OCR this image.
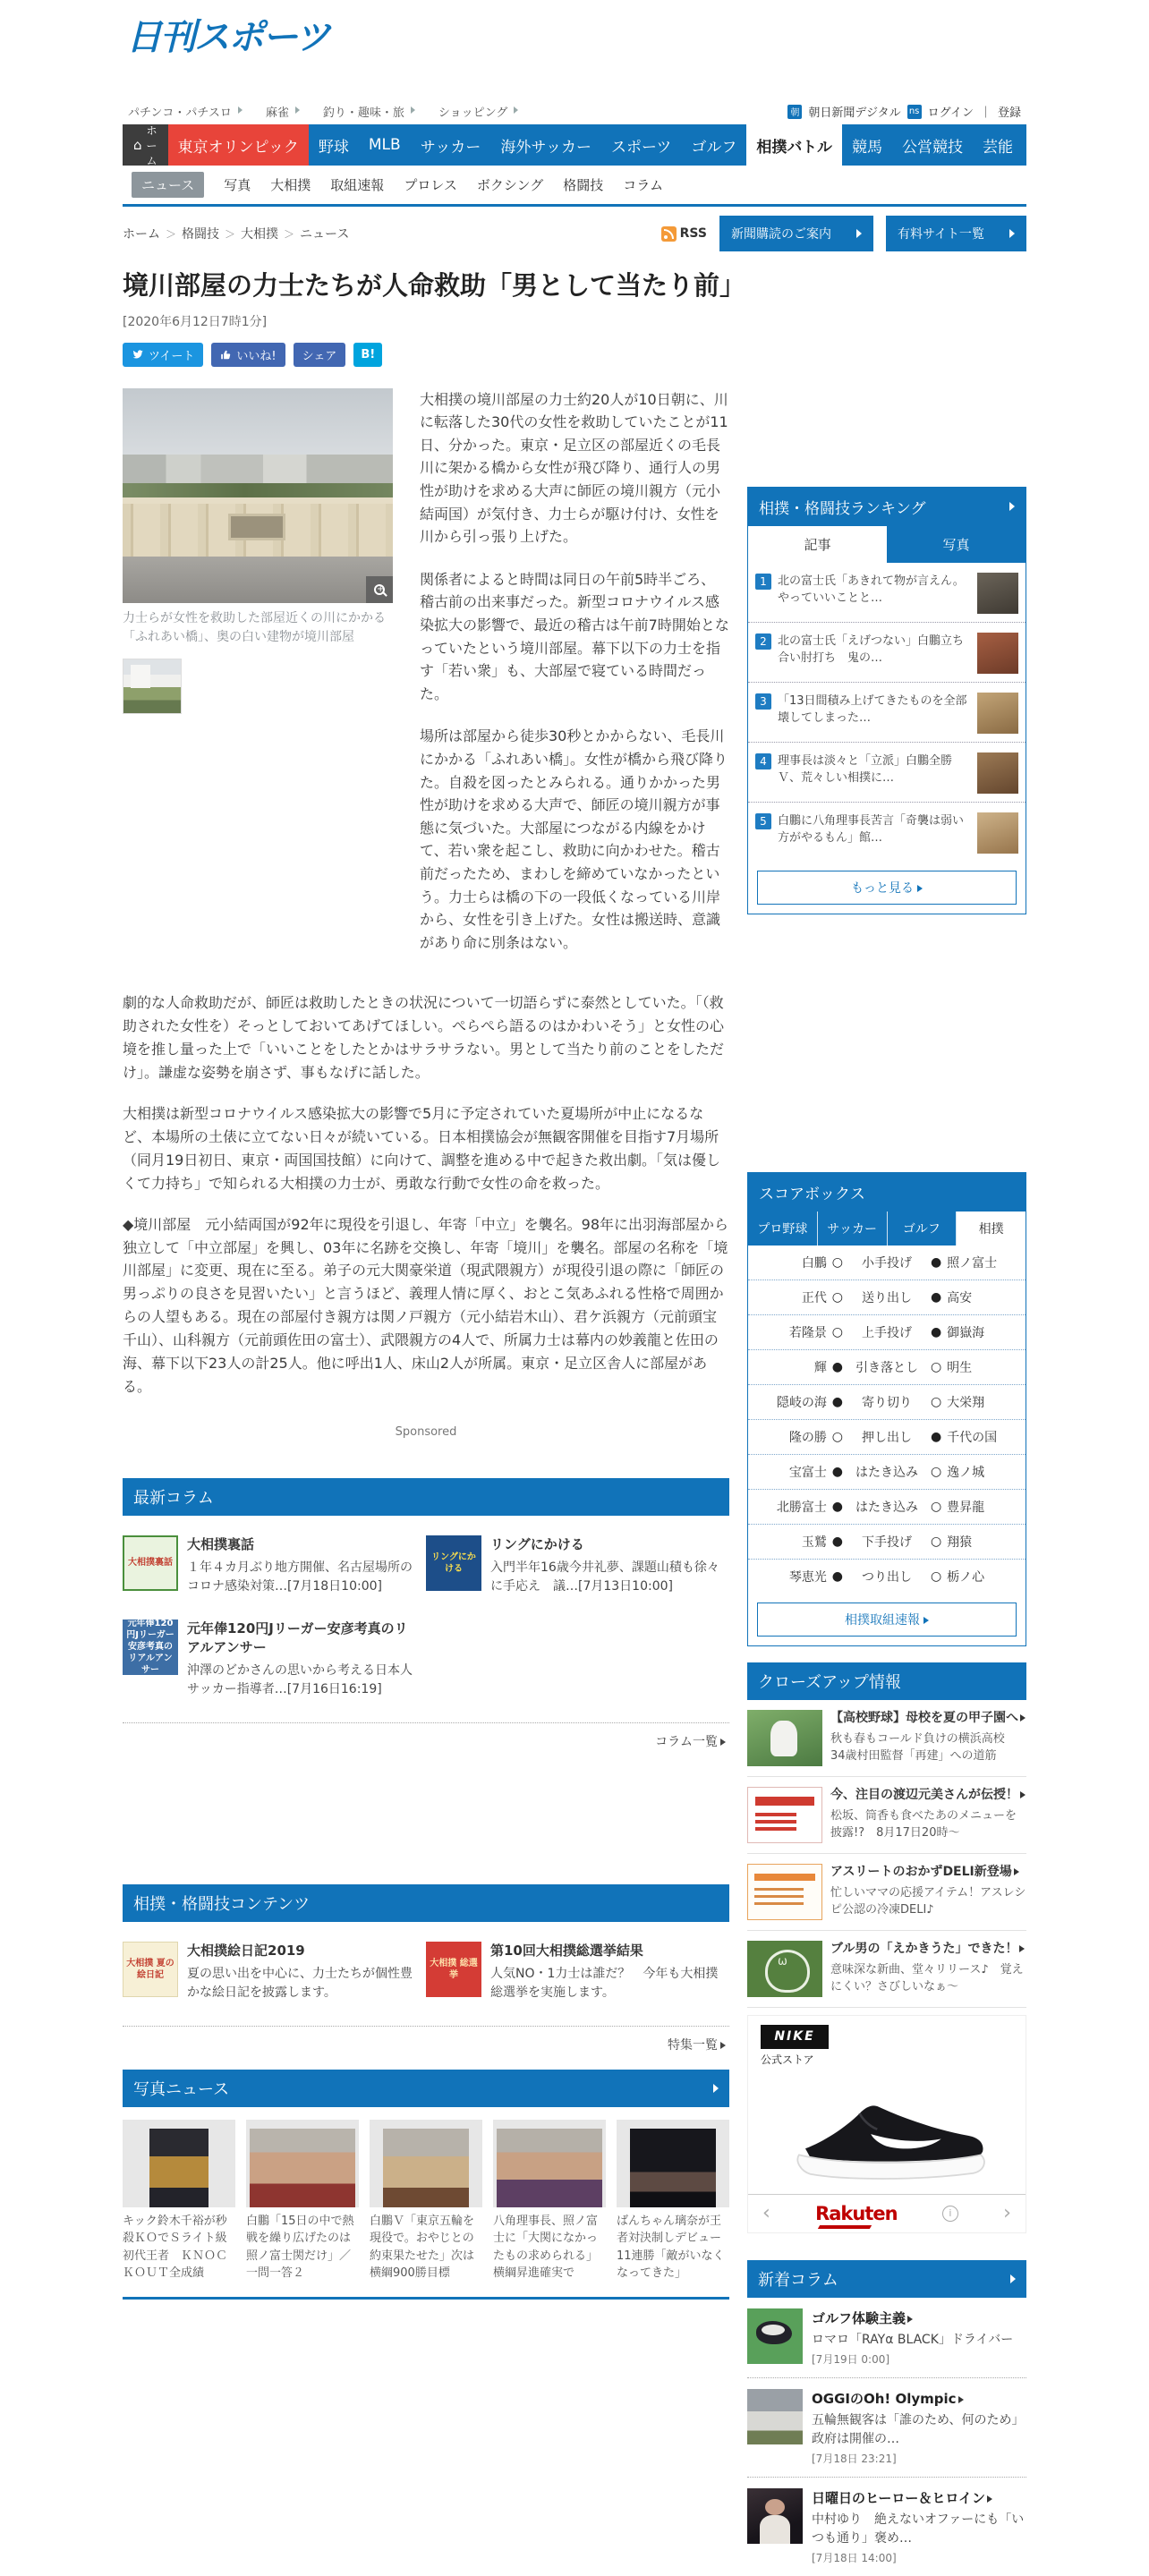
日刊スポーツ
パチンコ・パチスロ	麻雀	釣り・趣味・旅	ショッピング	朝 朝日新聞デジタル ns ログイン ｜ 登録
⌂
ホーム
東京オリンピック	野球	MLB	サッカー	海外サッカー	スポーツ	ゴルフ	相撲バトル	競馬	公営競技	芸能	社会
ニュース	写真 大相撲 取組速報 プロレス ボクシング 格闘技 コラム
ホーム ＞ 格闘技 ＞ 大相撲 ＞ ニュース	RSS 新聞購読のご案内	有料サイト一覧
境川部屋の力士たちが人命救助「男として当たり前」
[2020年6月12日7時1分]
ツイート	いいね! シェア B!
+
力士らが女性を救助した部屋近くの川にかかる「ふれあい橋」、奥の白い建物が境川部屋

大相撲の境川部屋の力士約20人が10日朝に、川に転落した30代の女性を救助していたことが11日、分かった。東京・足立区の部屋近くの毛長川に架かる橋から女性が飛び降り、通行人の男性が助けを求める大声に師匠の境川親方（元小結両国）が気付き、力士らが駆け付け、女性を川から引っ張り上げた。

関係者によると時間は同日の午前5時半ごろ、稽古前の出来事だった。新型コロナウイルス感染拡大の影響で、最近の稽古は午前7時開始となっていたという境川部屋。幕下以下の力士を指す「若い衆」も、大部屋で寝ている時間だった。

場所は部屋から徒歩30秒とかからない、毛長川にかかる「ふれあい橋」。女性が橋から飛び降りた。自殺を図ったとみられる。通りかかった男性が助けを求める大声で、師匠の境川親方が事態に気づいた。大部屋につながる内線をかけて、若い衆を起こし、救助に向かわせた。稽古前だったため、まわしを締めていなかったという。力士らは橋の下の一段低くなっている川岸から、女性を引き上げた。女性は搬送時、意識があり命に別条はない。

劇的な人命救助だが、師匠は救助したときの状況について一切語らずに泰然としていた。「（救助された女性を）そっとしておいてあげてほしい。ぺらぺら語るのはかわいそう」と女性の心境を推し量った上で「いいことをしたとかはサラサラない。男として当たり前のことをしただけ」。謙虚な姿勢を崩さず、事もなげに話した。

大相撲は新型コロナウイルス感染拡大の影響で5月に予定されていた夏場所が中止になるなど、本場所の土俵に立てない日々が続いている。日本相撲協会が無観客開催を目指す7月場所（同月19日初日、東京・両国国技館）に向けて、調整を進める中で起きた救出劇。「気は優しくて力持ち」で知られる大相撲の力士が、勇敢な行動で女性の命を救った。

◆境川部屋　元小結両国が92年に現役を引退し、年寄「中立」を襲名。98年に出羽海部屋から独立して「中立部屋」を興し、03年に名跡を交換し、年寄「境川」を襲名。部屋の名称を「境川部屋」に変更、現在に至る。弟子の元大関豪栄道（現武隈親方）が現役引退の際に「師匠の男っぷりの良さを見習いたい」と言うほど、義理人情に厚く、おとこ気あふれる性格で周囲からの人望もある。現在の部屋付き親方は関ノ戸親方（元小結岩木山）、君ケ浜親方（元前頭宝千山）、山科親方（元前頭佐田の富士）、武隈親方の4人で、所属力士は幕内の妙義龍と佐田の海、幕下以下23人の計25人。他に呼出1人、床山2人が所属。東京・足立区舎人に部屋がある。

Sponsored
最新コラム
大相撲裏話
大相撲裏話
１年４カ月ぶり地方開催、名古屋場所のコロナ感染対策…[7月18日10:00]
リングにかける
リングにかける
入門半年16歳今井礼夢、課題山積も徐々に手応え　議…[7月13日10:00]
元年俸120円Jリーガー 安彦考真の リアルアンサー
元年俸120円Jリーガー安彦考真のリアルアンサー
沖澤のどかさんの思いから考える日本人サッカー指導者…[7月16日16:19]
コラム一覧
相撲・格闘技コンテンツ
大相撲 夏の絵日記
大相撲絵日記2019
夏の思い出を中心に、力士たちが個性豊かな絵日記を披露します。
大相撲 総選挙
第10回大相撲総選挙結果
人気NO・1力士は誰だ？　今年も大相撲総選挙を実施します。
特集一覧
写真ニュース
キック鈴木千裕が秒殺ＫＯでＳライト級初代王者　ＫＮＯＣＫＯＵＴ全成績
白鵬「15日の中で熱戦を繰り広げたのは照ノ富士関だけ」／一問一答２
白鵬Ｖ「東京五輪を現役で。おやじとの約束果たせた」次は横綱900勝目標
八角理事長、照ノ富士に「大関になかったもの求められる」横綱昇進確実で
ばんちゃん璃奈が王者対決制しデビュー11連勝「敵がいなくなってきた」
相撲・格闘技ランキング
記事	写真
1 北の富士氏「あきれて物が言えん。やっていいことと…
2 北の富士氏「えげつない」白鵬立ち合い肘打ち　鬼の…
3 「13日間積み上げてきたものを全部壊してしまった…
4 理事長は淡々と「立派」白鵬全勝Ｖ、荒々しい相撲に…
5 白鵬に八角理事長苦言「奇襲は弱い方がやるもん」館…
もっと見る
スコアボックス
プロ野球	サッカー	ゴルフ	相撲
白鵬 ○	小手投げ	● 照ノ富士
正代 ○	送り出し	● 高安
若隆景 ○	上手投げ	● 御嶽海
輝 ●	引き落とし	○ 明生
隠岐の海 ●	寄り切り	○ 大栄翔
隆の勝 ○	押し出し	● 千代の国
宝富士 ●	はたき込み	○ 逸ノ城
北勝富士 ●	はたき込み	○ 豊昇龍
玉鷲 ●	下手投げ	○ 翔猿
琴恵光 ●	つり出し	○ 栃ノ心
相撲取組速報
クローズアップ情報
【高校野球】母校を夏の甲子園へ
秋も春もコールド負けの横浜高校　34歳村田監督「再建」への道筋
今、注目の渡辺元美さんが伝授！
松坂、筒香も食べたあのメニューを披露!?　8月17日20時～
アスリートのおかずDELI新登場
忙しいママの応援アイテム！アスレシピ公認の冷凍DELI♪
ω
ブル男の「えかきうた」できた！
意味深な新曲、堂々リリース♪　覚えにくい？さびしいなぁ～
NIKE
公式ストア
‹ Rakuten	i	›
新着コラム
ゴルフ体験主義
ロマロ「RAYα BLACK」ドライバー
[7月19日 0:00]
OGGIのOh! Olympic
五輪無観客は「誰のため、何のため」　政府は開催の…
[7月18日 23:21]
日曜日のヒーロー＆ヒロイン
中村ゆり　絶えないオファーにも「いつも通り」褒め…
[7月18日 14:00]
